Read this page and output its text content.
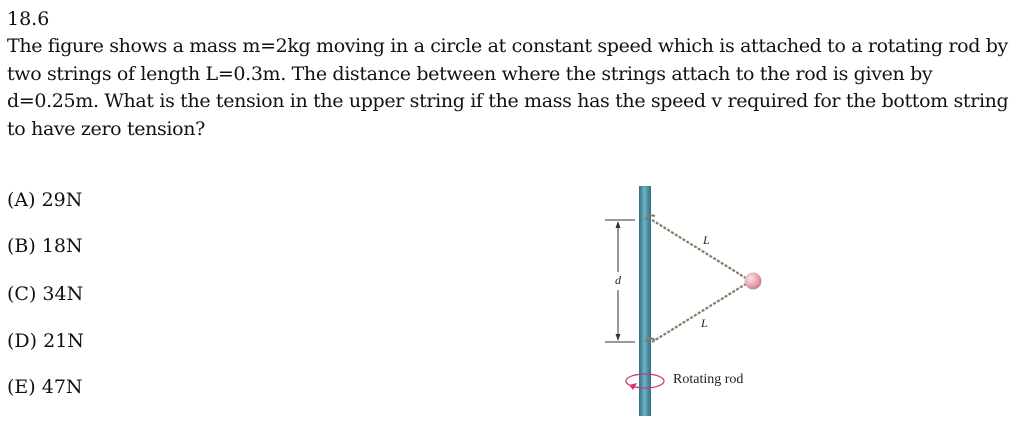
18.6
The figure shows a mass m=2kg moving in a circle at constant speed which is attached to a rotating rod by two strings of length L=0.3m. The distance between where the strings attach to the rod is given by d=0.25m. What is the tension in the upper string if the mass has the speed v required for the bottom string to have zero tension?
(A) 29N
(B) 18N
(C) 34N
(D) 21N
(E) 47N
d
L
L
Rotating rod
